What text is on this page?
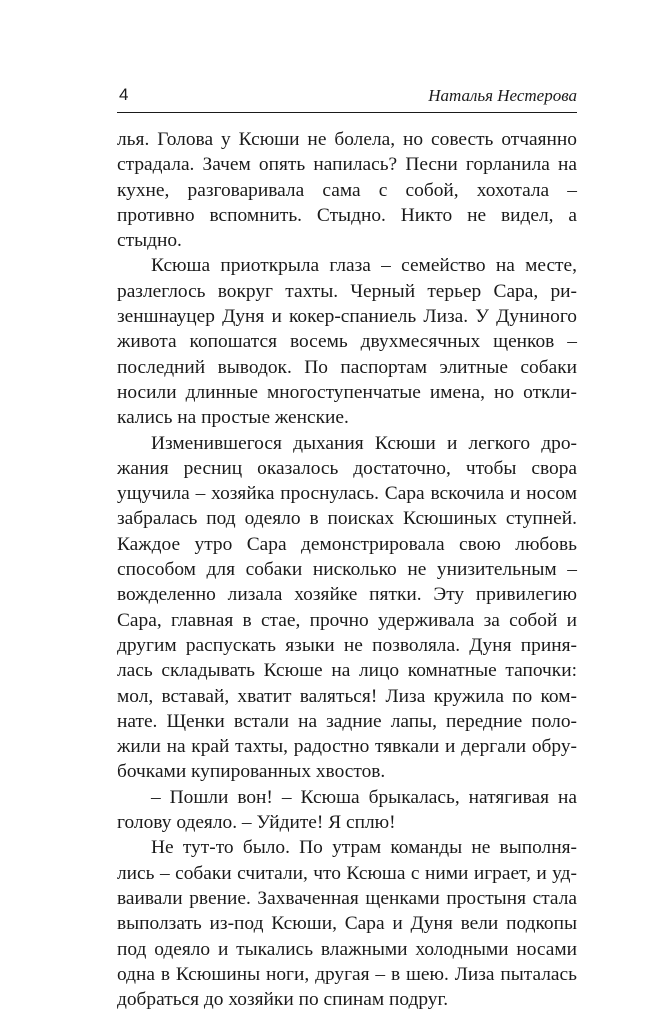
4	Наталья Нестерова

лья. Голова у Ксюши не болела, но совесть отчаянно страдала. Зачем опять напилась? Песни горланила на кухне, разговаривала сама с собой, хохотала – противно вспомнить. Стыдно. Никто не видел, а стыдно.

Ксюша приоткрыла глаза – семейство на месте, разлеглось вокруг тахты. Черный терьер Сара, ризеншнауцер Дуня и кокер-спаниель Лиза. У Дуниного живота копошатся восемь двухмесячных щенков – последний выводок. По паспортам элитные собаки носили длинные многоступенчатые имена, но откликались на простые женские.

Изменившегося дыхания Ксюши и легкого дрожания ресниц оказалось достаточно, чтобы свора ущучила – хозяйка проснулась. Сара вскочила и носом забралась под одеяло в поисках Ксюшиных ступней. Каждое утро Сара демонстрировала свою любовь способом для собаки нисколько не унизительным – вожделенно лизала хозяйке пятки. Эту привилегию Сара, главная в стае, прочно удерживала за собой и другим распускать языки не позволяла. Дуня принялась складывать Ксюше на лицо комнатные тапочки: мол, вставай, хватит валяться! Лиза кружила по комнате. Щенки встали на задние лапы, передние положили на край тахты, радостно тявкали и дергали обрубочками купированных хвостов.

– Пошли вон! – Ксюша брыкалась, натягивая на голову одеяло. – Уйдите! Я сплю!

Не тут-то было. По утрам команды не выполнялись – собаки считали, что Ксюша с ними играет, и удваивали рвение. Захваченная щенками простыня стала выползать из-под Ксюши, Сара и Дуня вели подкопы под одеяло и тыкались влажными холодными носами одна в Ксюшины ноги, другая – в шею. Лиза пыталась добраться до хозяйки по спинам подруг.
